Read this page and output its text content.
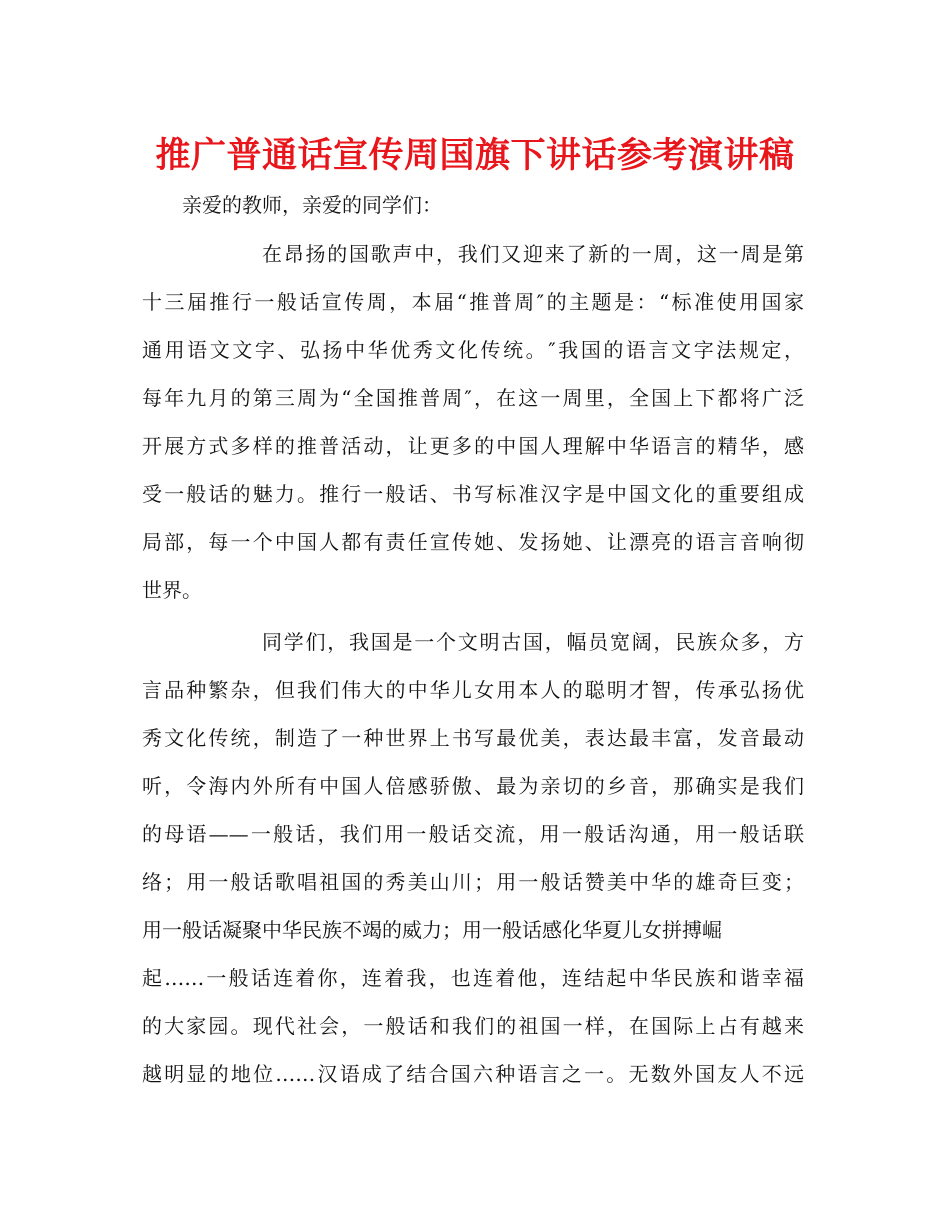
推广普通话宣传周国旗下讲话参考演讲稿
亲爱的教师，亲爱的同学们：
在昂扬的国歌声中，我们又迎来了新的一周，这一周是第
十三届推行一般话宣传周，本届“推普周″的主题是：“标准使用国家
通用语文文字、弘扬中华优秀文化传统。″我国的语言文字法规定，
每年九月的第三周为“全国推普周″，在这一周里，全国上下都将广泛
开展方式多样的推普活动，让更多的中国人理解中华语言的精华，感
受一般话的魅力。推行一般话、书写标准汉字是中国文化的重要组成
局部，每一个中国人都有责任宣传她、发扬她、让漂亮的语言音响彻
世界。
同学们，我国是一个文明古国，幅员宽阔，民族众多，方
言品种繁杂，但我们伟大的中华儿女用本人的聪明才智，传承弘扬优
秀文化传统，制造了一种世界上书写最优美，表达最丰富，发音最动
听，令海内外所有中国人倍感骄傲、最为亲切的乡音，那确实是我们
的母语——一般话，我们用一般话交流，用一般话沟通，用一般话联
络；用一般话歌唱祖国的秀美山川；用一般话赞美中华的雄奇巨变；
用一般话凝聚中华民族不竭的威力；用一般话感化华夏儿女拼搏崛
起……一般话连着你，连着我，也连着他，连结起中华民族和谐幸福
的大家园。现代社会，一般话和我们的祖国一样，在国际上占有越来
越明显的地位……汉语成了结合国六种语言之一。无数外国友人不远
